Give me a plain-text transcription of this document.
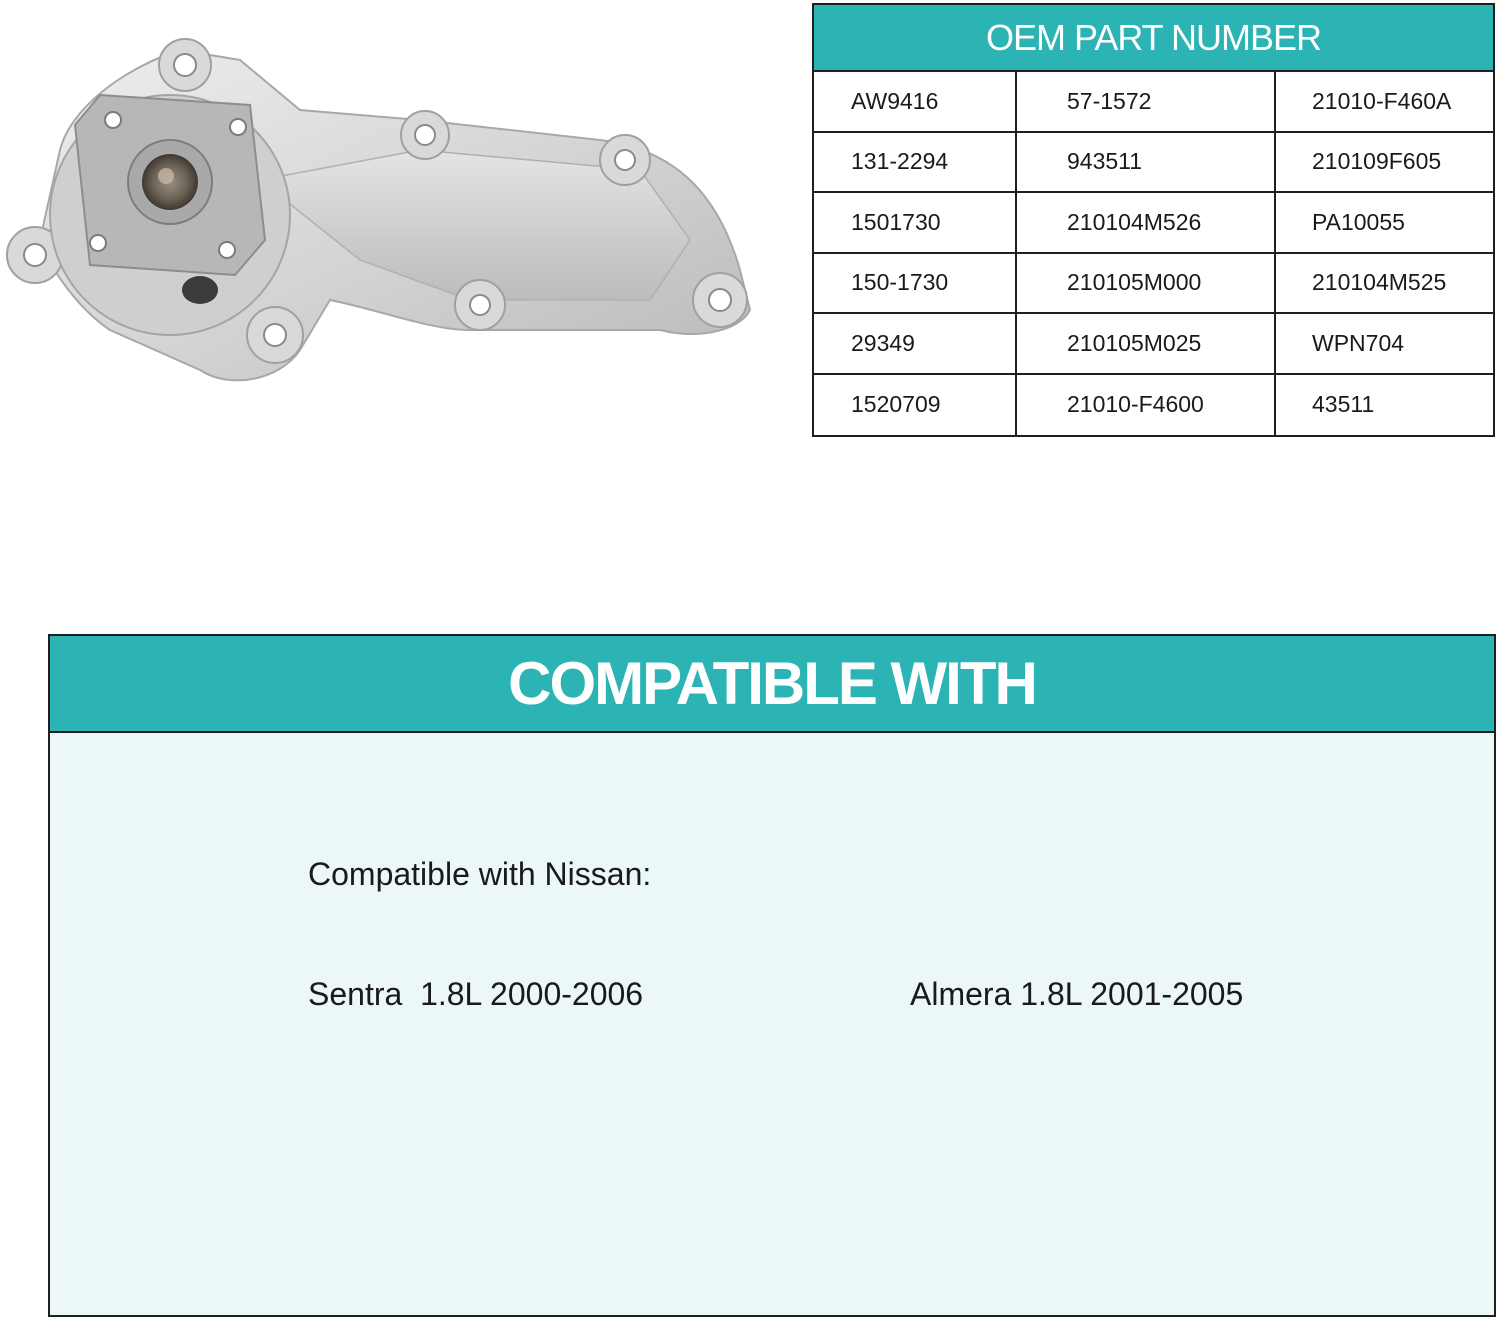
OEM PART NUMBER
AW9416	57-1572	21010-F460A
131-2294	943511	210109F605
1501730	210104M526	PA10055
150-1730	210105M000	210104M525
29349	210105M025	WPN704
1520709	21010-F4600	43511
COMPATIBLE WITH
Compatible with Nissan:
Sentra  1.8L 2000-2006	Almera 1.8L 2001-2005
